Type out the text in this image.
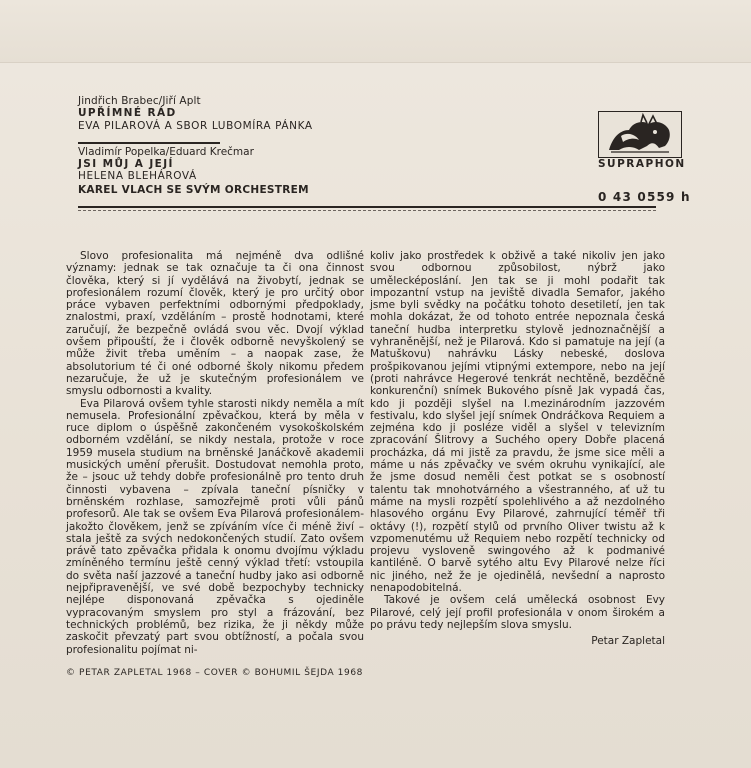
Jindřich Brabec/Jiří Aplt
UPŘÍMNÉ RÁD
EVA PILAROVÁ A SBOR LUBOMÍRA PÁNKA
Vladimír Popelka/Eduard Krečmar
JSI MŮJ A JEJÍ
HELENA BLEHÁROVÁ
KAREL VLACH SE SVÝM ORCHESTREM
SUPRAPHON
0 43 0559 h

Slovo profesionalita má nejméně dva odlišné významy: jednak se tak označuje ta či ona činnost člověka, který si jí vydělává na živobytí, jednak se profesionálem rozumí člověk, který je pro určitý obor práce vybaven perfektními odbornými předpoklady, znalostmi, praxí, vzděláním – prostě hodnotami, které zaručují, že bezpečně ovládá svou věc. Dvojí výklad ovšem připouští, že i člověk odborně nevyškolený se může živit třeba uměním – a naopak zase, že absolutorium té či oné odborné školy nikomu předem nezaručuje, že už je skutečným profesionálem ve smyslu odbornosti a kvality.

Eva Pilarová ovšem tyhle starosti nikdy neměla a mít nemusela. Profesionální zpěvačkou, která by měla v ruce diplom o úspěšně zakončeném vysokoškolském odborném vzdělání, se nikdy nestala, protože v roce 1959 musela studium na brněnské Janáčkově akademii musických umění přerušit. Dostudovat nemohla proto, že – jsouc už tehdy dobře profesionálně pro tento druh činnosti vybavena – zpívala taneční písničky v brněnském rozhlase, samozřejmě proti vůli pánů profesorů. Ale tak se ovšem Eva Pilarová profesionálem-jakožto člověkem, jenž se zpíváním více či méně živí – stala ještě za svých nedokončených studií. Zato ovšem právě tato zpěvačka přidala k onomu dvojímu výkladu zmíněného termínu ještě cenný výklad třetí: vstoupila do světa naší jazzové a taneční hudby jako asi odborně nejpřipravenější, ve své době bezpochyby technicky nejlépe disponovaná zpěvačka s ojediněle vypracovaným smyslem pro styl a frázování, bez technických problémů, bez rizika, že ji někdy může zaskočit převzatý part svou obtížností, a počala svou profesionalitu pojímat ni-

koliv jako prostředek k obživě a také nikoliv jen jako svou odbornou způsobilost, nýbrž jako umělecképoslání. Jen tak se ji mohl podařit tak impozantní vstup na jeviště divadla Semafor, jakého jsme byli svědky na počátku tohoto desetiletí, jen tak mohla dokázat, že od tohoto entrée nepoznala česká taneční hudba interpretku stylově jednoznačnější a vyhraněnější, než je Pilarová. Kdo si pamatuje na její (a Matuškovu) nahrávku Lásky nebeské, doslova prošpikovanou jejími vtipnými extempore, nebo na její (proti nahrávce Hegerové tenkrát nechtěně, bezděčně konkurenční) snímek Bukového písně Jak vypadá čas, kdo ji později slyšel na I.mezinárodním jazzovém festivalu, kdo slyšel její snímek Ondráčkova Requiem a zejména kdo ji posléze viděl a slyšel v televizním zpracování Šlitrovy a Suchého opery Dobře placená procházka, dá mi jistě za pravdu, že jsme sice měli a máme u nás zpěvačky ve svém okruhu vynikající, ale že jsme dosud neměli čest potkat se s osobností talentu tak mnohotvárného a všestranného, ať už tu máme na mysli rozpětí spolehlivého a až nezdolného hlasového orgánu Evy Pilarové, zahrnující téměř tři oktávy (!), rozpětí stylů od prvního Oliver twistu až k vzpomenutému už Requiem nebo rozpětí technicky od projevu vysloveně swingového až k podmanivé kantiléně. O barvě sytého altu Evy Pilarové nelze říci nic jiného, než že je ojedinělá, nevšední a naprosto nenapodobitelná.

Takové je ovšem celá umělecká osobnost Evy Pilarové, celý její profil profesionála v onom širokém a po právu tedy nejlepším slova smyslu.

Petar Zapletal
© PETAR ZAPLETAL 1968 – COVER © BOHUMIL ŠEJDA 1968
